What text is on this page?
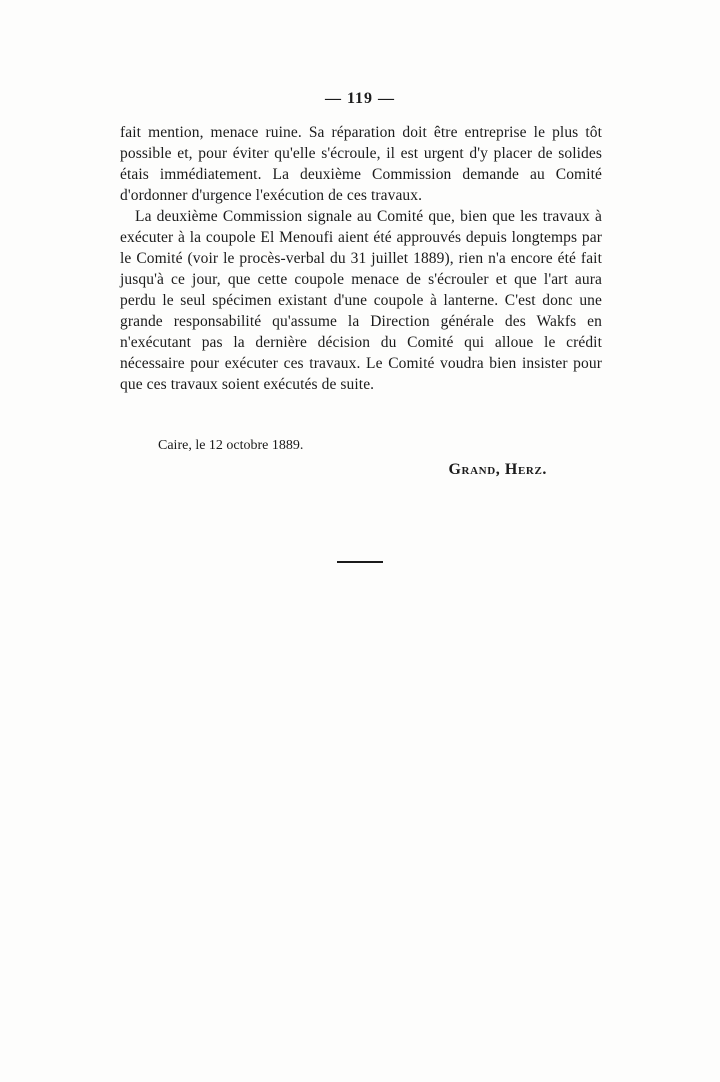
— 119 —

fait mention, menace ruine. Sa réparation doit être entreprise le plus tôt possible et, pour éviter qu'elle s'écroule, il est urgent d'y placer de solides étais immédiatement. La deuxième Commission demande au Comité d'ordonner d'urgence l'exécution de ces travaux.

La deuxième Commission signale au Comité que, bien que les travaux à exécuter à la coupole El Menoufi aient été approuvés depuis longtemps par le Comité (voir le procès-verbal du 31 juillet 1889), rien n'a encore été fait jusqu'à ce jour, que cette coupole menace de s'écrouler et que l'art aura perdu le seul spécimen existant d'une coupole à lanterne. C'est donc une grande responsabilité qu'assume la Direction générale des Wakfs en n'exécutant pas la dernière décision du Comité qui alloue le crédit nécessaire pour exécuter ces travaux. Le Comité voudra bien insister pour que ces travaux soient exécutés de suite.

Caire, le 12 octobre 1889.

Grand, Herz.
